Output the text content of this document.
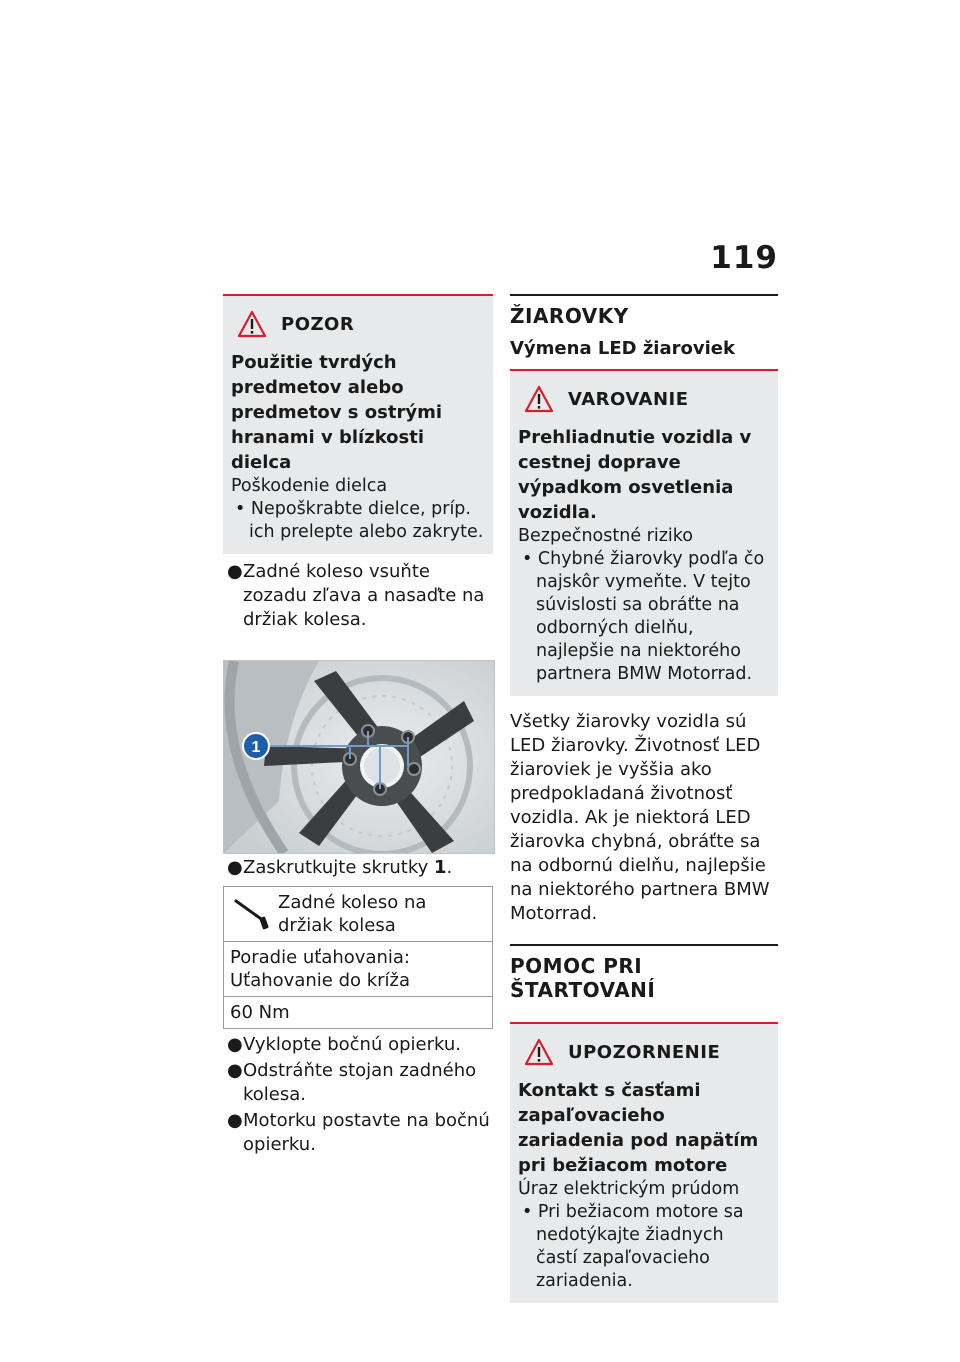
119
POZOR
Použitie tvrdých predmetov alebo predmetov s ostrými hranami v blízkosti dielca
Poškodenie dielca
• Nepoškrabte dielce, príp. ich prelepte alebo zakryte.
●Zadné koleso vsuňte zozadu zľava a nasaďte na držiak kolesa.
1
●Zaskrutkujte skrutky 1.
Zadné koleso na držiak kolesa
Poradie uťahovania: Uťahovanie do kríža
60 Nm
●Vyklopte bočnú opierku.
●Odstráňte stojan zadného kolesa.
●Motorku postavte na bočnú opierku.
ŽIAROVKY
Výmena LED žiaroviek
VAROVANIE
Prehliadnutie vozidla v cestnej doprave výpadkom osvetlenia vozidla.
Bezpečnostné riziko
• Chybné žiarovky podľa čo najskôr vymeňte. V tejto súvislosti sa obráťte na odborných dielňu, najlepšie na niektorého partnera BMW Motorrad.
Všetky žiarovky vozidla sú LED žiarovky. Životnosť LED žiaroviek je vyššia ako predpokladaná životnosť vozidla. Ak je niektorá LED žiarovka chybná, obráťte sa na odbornú dielňu, najlepšie na niektorého partnera BMW Motorrad.
POMOC PRI ŠTARTOVANÍ
UPOZORNENIE
Kontakt s časťami zapaľovacieho zariadenia pod napätím pri bežiacom motore
Úraz elektrickým prúdom
• Pri bežiacom motore sa nedotýkajte žiadnych častí zapaľovacieho zariadenia.
